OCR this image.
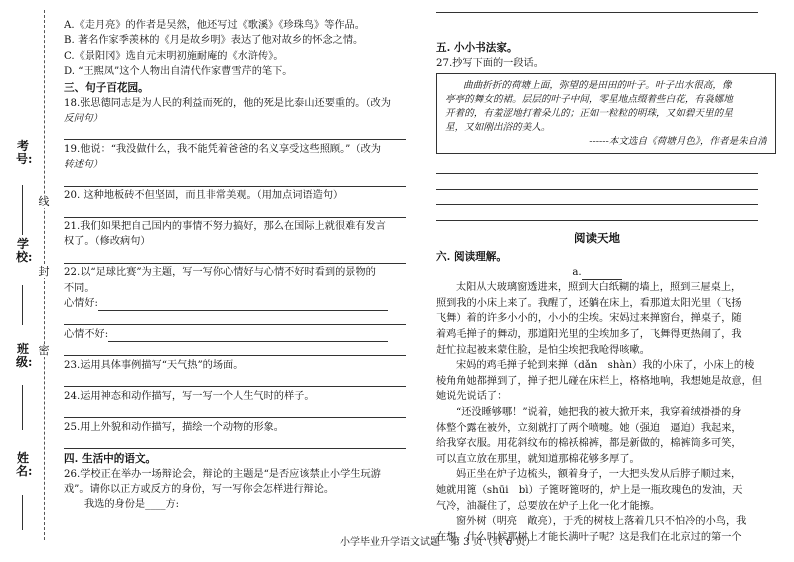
考号:
学校:
班级:
姓名:
线
封
密
A.《走月亮》的作者是吴然，他还写过《歌溪》《珍珠鸟》等作品。
B. 著名作家季羡林的《月是故乡明》表达了他对故乡的怀念之情。
C.《景阳冈》选自元末明初施耐庵的《水浒传》。
D. “王熙凤”这个人物出自清代作家曹雪芹的笔下。
三、句子百花园。
18.张思德同志是为人民的利益而死的，他的死是比泰山还要重的。（改为
反问句）
19.他说：“我没做什么，我不能凭着爸爸的名义享受这些照顾。”（改为
转述句）
20. 这种地板砖不但坚固，而且非常美观。（用加点词语造句）
21.我们如果把自己国内的事情不努力搞好，那么在国际上就很难有发言
权了。（修改病句）
22.以“足球比赛”为主题，写一写你心情好与心情不好时看到的景物的
不同。
心情好:
心情不好:
23.运用具体事例描写“天气热”的场面。
24.运用神态和动作描写，写一写一个人生气时的样子。
25.用上外貌和动作描写，描绘一个动物的形象。
四. 生活中的语文。
26.学校正在举办一场辩论会，辩论的主题是“是否应该禁止小学生玩游
戏”。请你以正方或反方的身份，写一写你会怎样进行辩论。
我选的身份是____方:
五. 小小书法家。
27.抄写下面的一段话。
曲曲折折的荷塘上面，弥望的是田田的叶子。叶子出水很高，像
亭亭的舞女的裙。层层的叶子中间，零星地点缀着些白花，有袅娜地
开着的，有羞涩地打着朵儿的；正如一粒粒的明珠，又如碧天里的星
星，又如刚出浴的美人。
------本文选自《荷塘月色》，作者是朱自清
阅读天地
六. 阅读理解。
a.
太阳从大玻璃窗透进来，照到大白纸糊的墙上，照到三屉桌上，
照到我的小床上来了。我醒了，还躺在床上，看那道太阳光里（飞扬
飞舞）着的许多小小的，小小的尘埃。宋妈过来掸窗台，掸桌子，随
着鸡毛掸子的舞动，那道阳光里的尘埃加多了，飞舞得更热闹了，我
赶忙拉起被来蒙住脸，是怕尘埃把我呛得咳嗽。
宋妈的鸡毛掸子轮到来掸（dǎn　shàn）我的小床了，小床上的棱
棱角角她都掸到了，掸子把儿碰在床栏上，格格地响，我想她是故意，但
她说先说话了：
“还没睡够哪！”说着，她把我的被大掀开来，我穿着绒褂褂的身
体整个露在被外，立刻就打了两个喷嚏。她（强迫　逼迫）我起来，
给我穿衣服。用花斜纹布的棉袄棉裤，都是新做的，棉裤筒多可笑，
可以直立放在那里，就知道那棉花够多厚了。
妈正坐在炉子边梳头，额着身子，一大把头发从后脖子顺过来，
她就用篦（shūi　bì）子篦呀篦呀的，炉上是一瓶玫瑰色的发油，天
气冷，油凝住了，总要放在炉子上化一化才能擦。
窗外树（明亮　敞亮），于秃的树枝上落着几只不怕冷的小鸟，我
在想，什么时候那树上才能长满叶子呢？这是我们在北京过的第一个
小学毕业升学语文试题　第 3 页（共 6 页）
